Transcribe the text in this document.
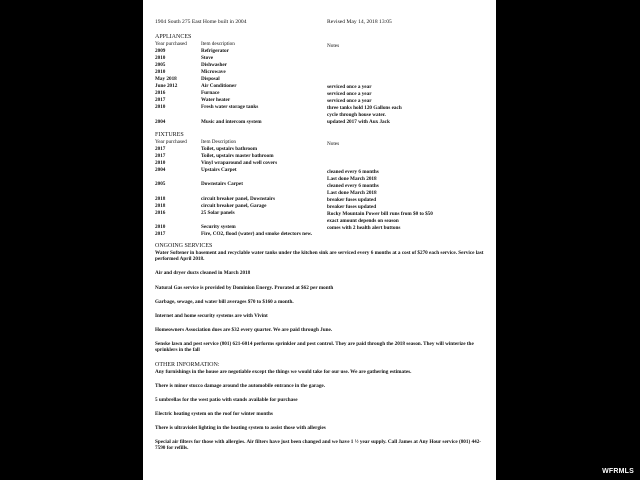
1904 South 275 East Home built in 2004	Revised May 14, 2018 13:05
APPLIANCES
Year purchased	Item description	Notes
2009	Refrigerator
2010	Stove
2005	Dishwasher
2010	Microwave
May 2018	Disposal
June 2012	Air Conditioner	serviced once a year
2016	Furnace	serviced once a year
2017	Water heater	serviced once a year
2010	Fresh water storage tanks	three tanks hold 120 Gallons each
cycle through house water.
2004	Music and intercom system	updated 2017 with Aux Jack
FIXTURES
Year purchased	Item Description	Notes
2017	Toilet, upstairs bathroom
2017	Toilet, upstairs master bathroom
2010	Vinyl wraparound and well covers
2004	Upstairs Carpet	cleaned every 6 months
Last done March 2018
2005	Downstairs Carpet	cleaned every 6 months
Last done March 2018
2018	circuit breaker panel, Downstairs	breaker fuses updated
2018	circuit breaker panel, Garage	breaker fuses updated
2016	25 Solar panels	Rocky Mountain Power bill runs from $0 to $50
exact amount depends on season
2010	Security system	comes with 2 health alert buttons
2017	Fire, CO2, flood (water) and smoke detectors new.
ONGOING SERVICES
Water Softener in basement and recyclable water tanks under the kitchen sink are serviced every 6 months at a cost of $270 each service. Service last performed April 2018.
Air and dryer ducts cleaned in March 2018
Natural Gas service is provided by Dominion Energy. Prorated at $62 per month
Garbage, sewage, and water bill averages $70 to $160 a month.
Internet and home security systems are with Vivint
Homeowners Association dues are $32 every quarter. We are paid through June.
Senske lawn and pest service (801) 621-6014 performs sprinkler and pest control. They are paid through the 2018 season. They will winterize the sprinklers in the fall
OTHER INFORMATION:
Any furnishings in the house are negotiable except the things we would take for our use. We are gathering estimates.
There is minor stucco damage around the automobile entrance in the garage.
5 umbrellas for the west patio with stands available for purchase
Electric heating system on the roof for winter months
There is ultraviolet lighting in the heating system to assist those with allergies
Special air filters for those with allergies. Air filters have just been changed and we have 1 ½ year supply. Call James at Any Hour service (801) 442-7590 for refills.
WFRMLS
